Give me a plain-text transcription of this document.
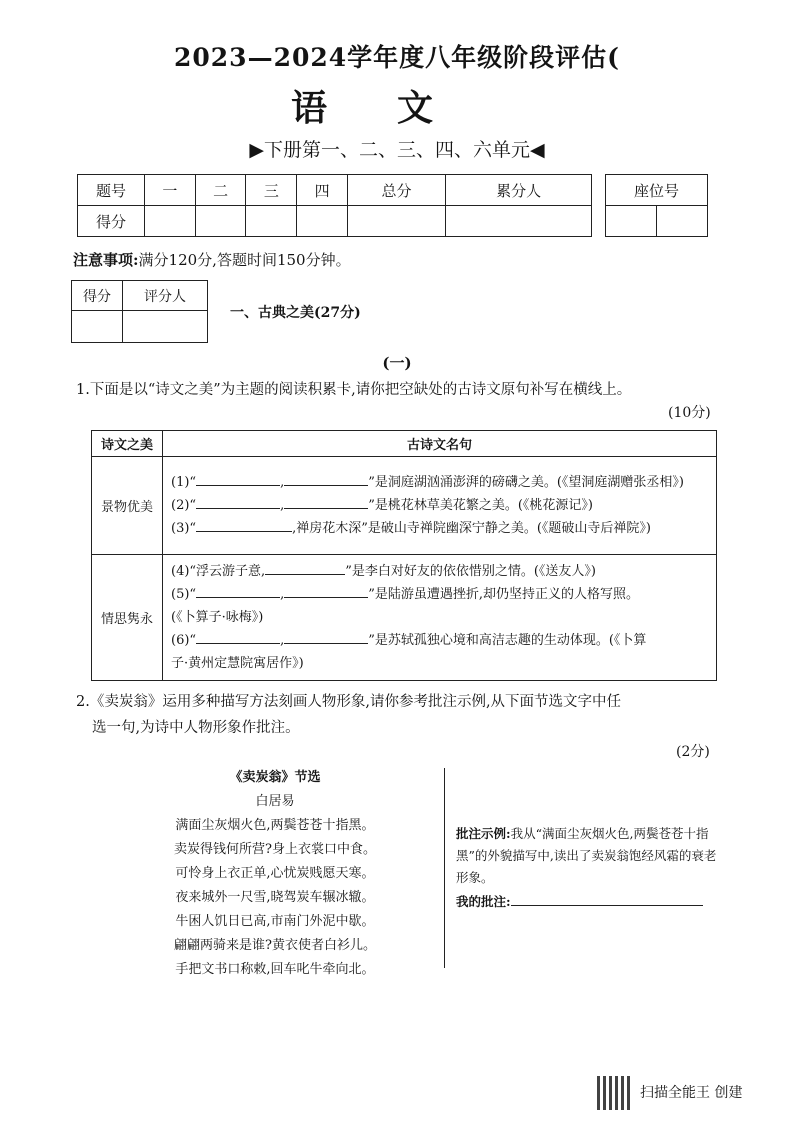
2023—2024学年度八年级阶段评估(
语文
▶下册第一、二、三、四、六单元◀
题号	一	二	三	四	总分	累分人
得分						
座位号

注意事项:满分120分,答题时间150分钟。
得分	评分人

一、古典之美(27分)
(一)
1.下面是以“诗文之美”为主题的阅读积累卡,请你把空缺处的古诗文原句补写在横线上。
(10分)
诗文之美	古诗文名句
景物优美	(1)“ , ”是洞庭湖汹涌澎湃的磅礴之美。(《望洞庭湖赠张丞相》)
(2)“ , ”是桃花林草美花繁之美。(《桃花源记》)
(3)“ ,禅房花木深”是破山寺禅院幽深宁静之美。(《题破山寺后禅院》)

情思隽永	(4)“浮云游子意, ”是李白对好友的依依惜别之情。(《送友人》)
(5)“ , ”是陆游虽遭遇挫折,却仍坚持正义的人格写照。
(《卜算子·咏梅》)
(6)“ , ”是苏轼孤独心境和高洁志趣的生动体现。(《卜算
子·黄州定慧院寓居作》)
2.《卖炭翁》运用多种描写方法刻画人物形象,请你参考批注示例,从下面节选文字中任
选一句,为诗中人物形象作批注。
(2分)
《卖炭翁》节选
白居易
满面尘灰烟火色,两鬓苍苍十指黑。
卖炭得钱何所营?身上衣裳口中食。
可怜身上衣正单,心忧炭贱愿天寒。
夜来城外一尺雪,晓驾炭车辗冰辙。
牛困人饥日已高,市南门外泥中歇。
翩翩两骑来是谁?黄衣使者白衫儿。
手把文书口称敕,回车叱牛牵向北。
批注示例:我从“满面尘灰烟火色,两鬓苍苍十指黑”的外貌描写中,读出了卖炭翁饱经风霜的衰老形象。
我的批注:
扫描全能王 创建
